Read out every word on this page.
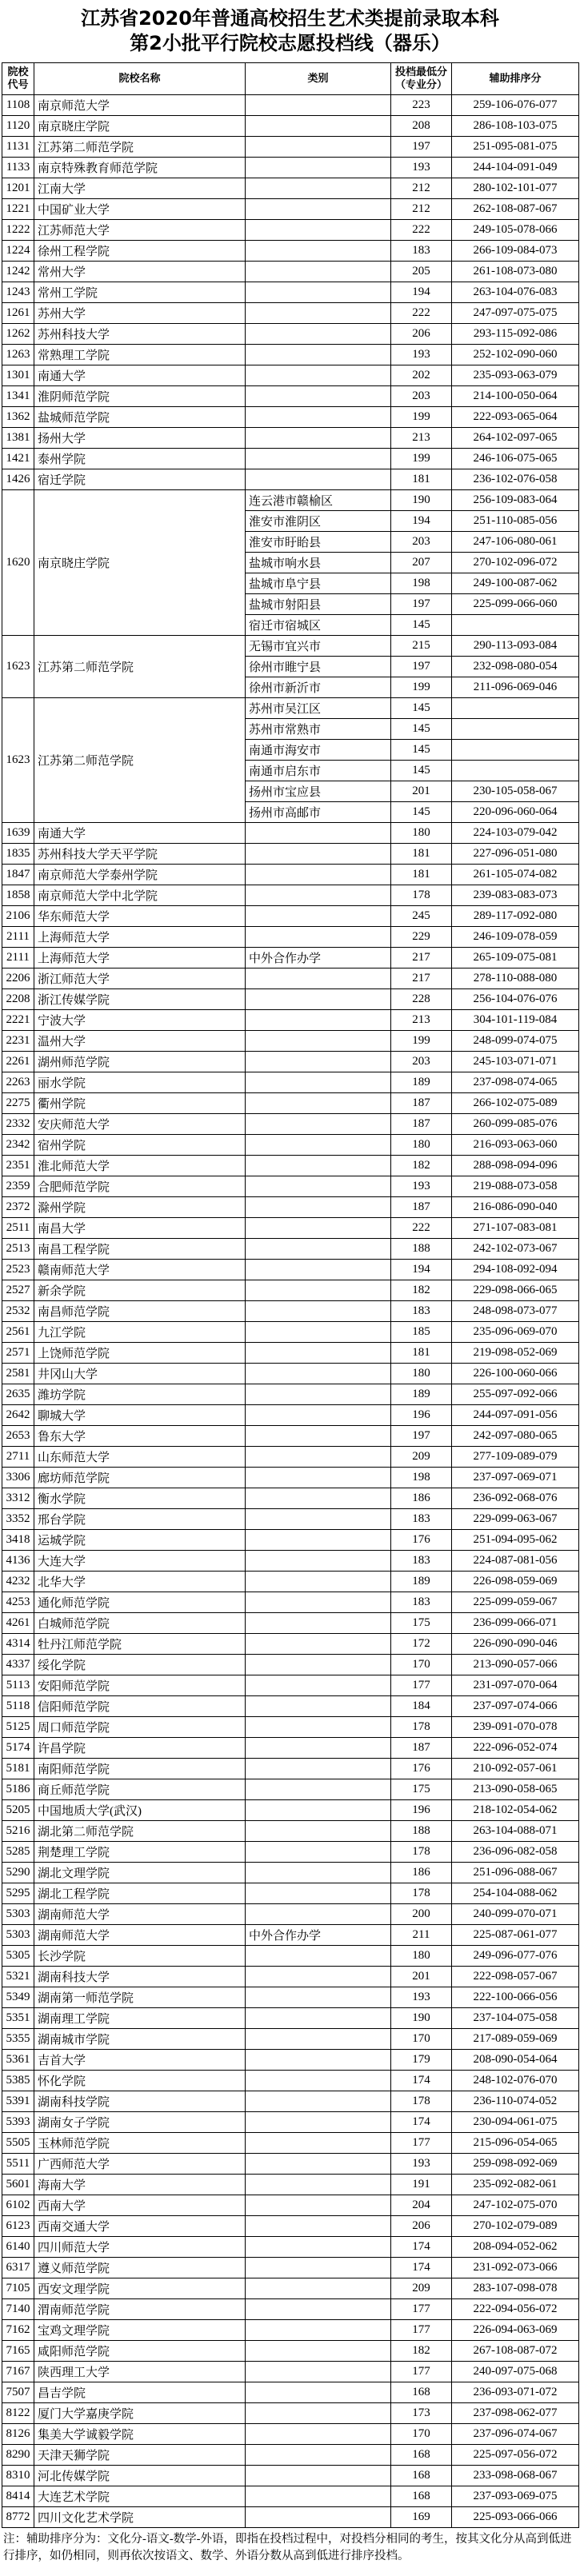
江苏省2020年普通高校招生艺术类提前录取本科
第2小批平行院校志愿投档线（器乐）
院校
代号
院校名称	类别
投档最低分
（专业分）
辅助排序分
1108 南京师范大学	223	259-106-076-077
1120 南京晓庄学院	208	286-108-103-075
1131 江苏第二师范学院	197	251-095-081-075
1133 南京特殊教育师范学院	193	244-104-091-049
1201 江南大学	212	280-102-101-077
1221 中国矿业大学	212	262-108-087-067
1222 江苏师范大学	222	249-105-078-066
1224 徐州工程学院	183	266-109-084-073
1242 常州大学	205	261-108-073-080
1243 常州工学院	194	263-104-076-083
1261 苏州大学	222	247-097-075-075
1262 苏州科技大学	206	293-115-092-086
1263 常熟理工学院	193	252-102-090-060
1301 南通大学	202	235-093-063-079
1341 淮阴师范学院	203	214-100-050-064
1362 盐城师范学院	199	222-093-065-064
1381 扬州大学	213	264-102-097-065
1421 泰州学院	199	246-106-075-065
1426 宿迁学院	181	236-102-076-058
1620 南京晓庄学院
连云港市赣榆区	190	256-109-083-064
淮安市淮阴区	194	251-110-085-056
淮安市盱眙县	203	247-106-080-061
盐城市响水县	207	270-102-096-072
盐城市阜宁县	198	249-100-087-062
盐城市射阳县	197	225-099-066-060
宿迁市宿城区	145
1623 江苏第二师范学院
无锡市宜兴市	215	290-113-093-084
徐州市睢宁县	197	232-098-080-054
徐州市新沂市	199	211-096-069-046
1623 江苏第二师范学院
苏州市吴江区	145
苏州市常熟市	145
南通市海安市	145
南通市启东市	145
扬州市宝应县	201	230-105-058-067
扬州市高邮市	145	220-096-060-064
1639 南通大学	180	224-103-079-042
1835 苏州科技大学天平学院	181	227-096-051-080
1847 南京师范大学泰州学院	181	261-105-074-082
1858 南京师范大学中北学院	178	239-083-083-073
2106 华东师范大学	245	289-117-092-080
2111 上海师范大学	229	246-109-078-059
2111 上海师范大学	中外合作办学	217	265-109-075-081
2206 浙江师范大学	217	278-110-088-080
2208 浙江传媒学院	228	256-104-076-076
2221 宁波大学	213	304-101-119-084
2231 温州大学	199	248-099-074-075
2261 湖州师范学院	203	245-103-071-071
2263 丽水学院	189	237-098-074-065
2275 衢州学院	187	266-102-075-089
2332 安庆师范大学	187	260-099-085-076
2342 宿州学院	180	216-093-063-060
2351 淮北师范大学	182	288-098-094-096
2359 合肥师范学院	193	219-088-073-058
2372 滁州学院	187	216-086-090-040
2511 南昌大学	222	271-107-083-081
2513 南昌工程学院	188	242-102-073-067
2523 赣南师范大学	194	294-108-092-094
2527 新余学院	182	229-098-066-065
2532 南昌师范学院	183	248-098-073-077
2561 九江学院	185	235-096-069-070
2571 上饶师范学院	181	219-098-052-069
2581 井冈山大学	180	226-100-060-066
2635 潍坊学院	189	255-097-092-066
2642 聊城大学	196	244-097-091-056
2653 鲁东大学	197	242-097-080-065
2711 山东师范大学	209	277-109-089-079
3306 廊坊师范学院	198	237-097-069-071
3312 衡水学院	186	236-092-068-076
3352 邢台学院	183	229-099-063-067
3418 运城学院	176	251-094-095-062
4136 大连大学	183	224-087-081-056
4232 北华大学	189	226-098-059-069
4253 通化师范学院	183	225-099-059-067
4261 白城师范学院	175	236-099-066-071
4314 牡丹江师范学院	172	226-090-090-046
4337 绥化学院	170	213-090-057-066
5113 安阳师范学院	177	231-097-070-064
5118 信阳师范学院	184	237-097-074-066
5125 周口师范学院	178	239-091-070-078
5174 许昌学院	187	222-096-052-074
5181 南阳师范学院	176	210-092-057-061
5186 商丘师范学院	175	213-090-058-065
5205 中国地质大学(武汉)	196	218-102-054-062
5216 湖北第二师范学院	188	263-104-088-071
5285 荆楚理工学院	178	236-096-082-058
5290 湖北文理学院	186	251-096-088-067
5295 湖北工程学院	178	254-104-088-062
5303 湖南师范大学	200	240-099-070-071
5303 湖南师范大学	中外合作办学	211	225-087-061-077
5305 长沙学院	180	249-096-077-076
5321 湖南科技大学	201	222-098-057-067
5349 湖南第一师范学院	193	222-100-066-056
5351 湖南理工学院	190	237-104-075-058
5355 湖南城市学院	170	217-089-059-069
5361 吉首大学	179	208-090-054-064
5385 怀化学院	174	248-102-076-070
5391 湖南科技学院	178	236-110-074-052
5393 湖南女子学院	174	230-094-061-075
5505 玉林师范学院	177	215-096-054-065
5511 广西师范大学	193	259-098-092-069
5601 海南大学	191	235-092-082-061
6102 西南大学	204	247-102-075-070
6123 西南交通大学	206	270-102-079-089
6140 四川师范大学	174	208-094-052-062
6317 遵义师范学院	174	231-092-073-066
7105 西安文理学院	209	283-107-098-078
7140 渭南师范学院	177	222-094-056-072
7162 宝鸡文理学院	177	226-094-063-069
7165 咸阳师范学院	182	267-108-087-072
7167 陕西理工大学	177	240-097-075-068
7507 昌吉学院	168	236-093-071-072
8122 厦门大学嘉庚学院	173	237-098-062-077
8126 集美大学诚毅学院	170	237-096-074-067
8290 天津天狮学院	168	225-097-056-072
8310 河北传媒学院	168	233-098-068-067
8414 大连艺术学院	168	237-093-069-075
8772 四川文化艺术学院	169	225-093-066-066
注：辅助排序分为：文化分-语文-数学-外语，即指在投档过程中，对投档分相同的考生，按其文化分从高到低进行排序，如仍相同，则再依次按语文、数学、外语分数从高到低进行排序投档。
